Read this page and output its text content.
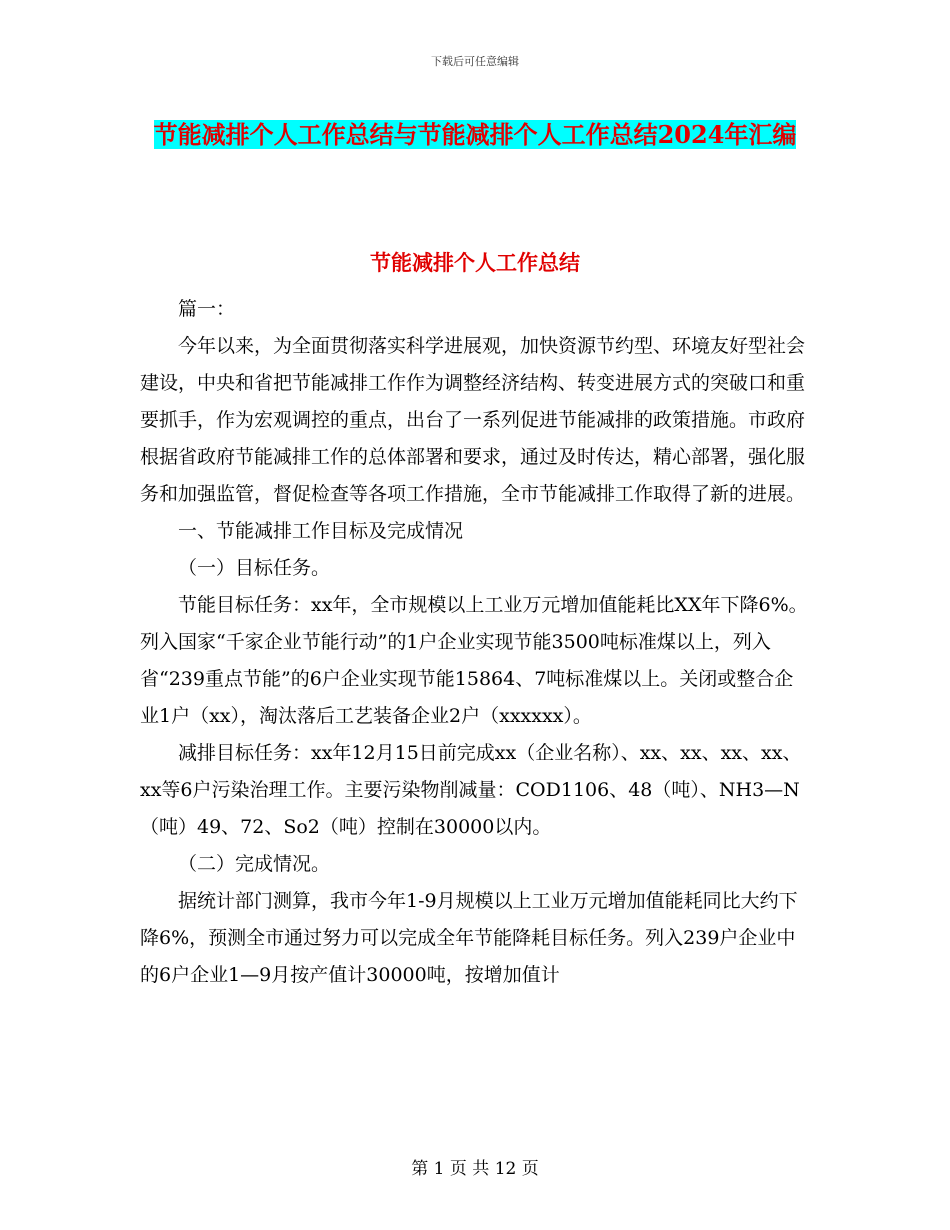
下载后可任意编辑
节能减排个人工作总结与节能减排个人工作总结2024年汇编
节能减排个人工作总结

篇一：

今年以来，为全面贯彻落实科学进展观，加快资源节约型、环境友好型社会建设，中央和省把节能减排工作作为调整经济结构、转变进展方式的突破口和重要抓手，作为宏观调控的重点，出台了一系列促进节能减排的政策措施。市政府根据省政府节能减排工作的总体部署和要求，通过及时传达，精心部署，强化服务和加强监管，督促检查等各项工作措施，全市节能减排工作取得了新的进展。

一、节能减排工作目标及完成情况

（一）目标任务。

节能目标任务：xx年，全市规模以上工业万元增加值能耗比XX年下降6%。列入国家“千家企业节能行动”的1户企业实现节能3500吨标准煤以上，列入省“239重点节能”的6户企业实现节能15864、7吨标准煤以上。关闭或整合企业1户（xx），淘汰落后工艺装备企业2户（xxxxxx）。

减排目标任务：xx年12月15日前完成xx（企业名称）、xx、xx、xx、xx、xx等6户污染治理工作。主要污染物削减量：COD1106、48（吨）、NH3—N（吨）49、72、So2（吨）控制在30000以内。

（二）完成情况。

据统计部门测算，我市今年1-9月规模以上工业万元增加值能耗同比大约下降6%，预测全市通过努力可以完成全年节能降耗目标任务。列入239户企业中的6户企业1—9月按产值计30000吨，按增加值计

第 1 页 共 12 页
